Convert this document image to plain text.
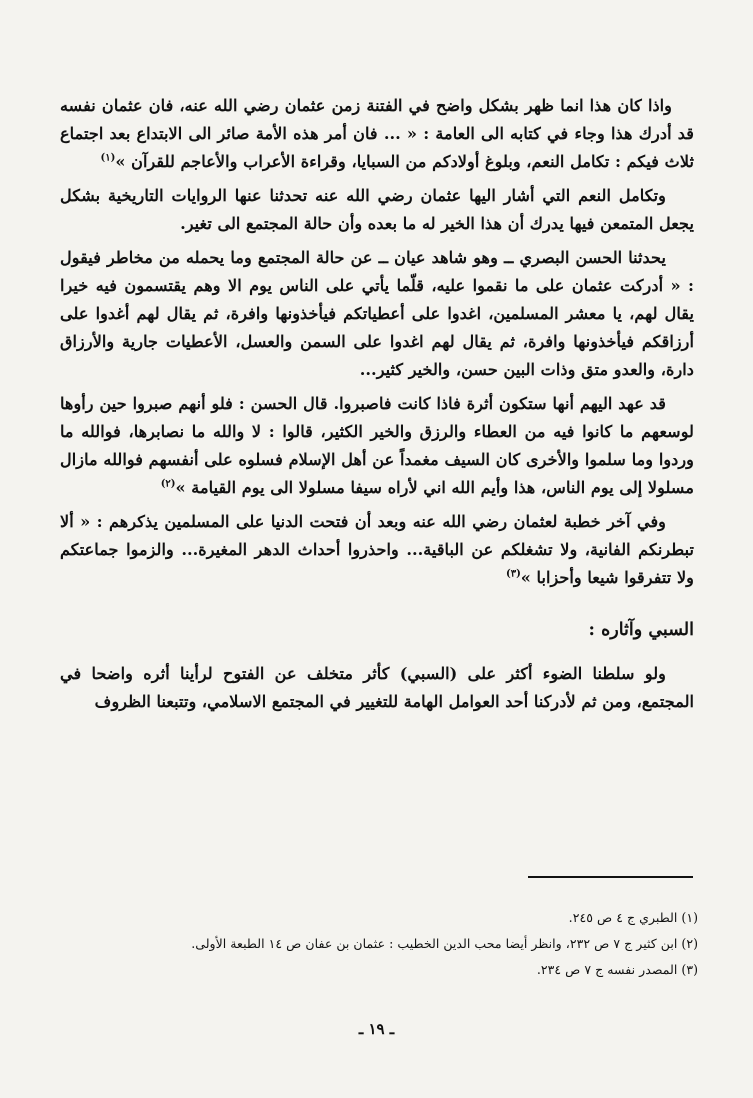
واذا كان هذا انما ظهر بشكل واضح في الفتنة زمن عثمان رضي الله عنه، فان عثمان نفسه قد أدرك هذا وجاء في كتابه الى العامة : « ... فان أمر هذه الأمة صائر الى الابتداع بعد اجتماع ثلاث فيكم : تكامل النعم، وبلوغ أولادكم من السبايا، وقراءة الأعراب والأعاجم للقرآن »$^{(١)}$

وتكامل النعم التي أشار اليها عثمان رضي الله عنه تحدثنا عنها الروايات التاريخية بشكل يجعل المتمعن فيها يدرك أن هذا الخير له ما بعده وأن حالة المجتمع الى تغير.

يحدثنا الحسن البصري ــ وهو شاهد عيان ــ عن حالة المجتمع وما يحمله من مخاطر فيقول : « أدركت عثمان على ما نقموا عليه، قلّما يأتي على الناس يوم الا وهم يقتسمون فيه خيرا يقال لهم، يا معشر المسلمين، اغدوا على أعطياتكم فيأخذونها وافرة، ثم يقال لهم أغدوا على أرزاقكم فيأخذونها وافرة، ثم يقال لهم اغدوا على السمن والعسل، الأعطيات جارية والأرزاق دارة، والعدو متق وذات البين حسن، والخير كثير...

قد عهد اليهم أنها ستكون أثرة فاذا كانت فاصبروا. قال الحسن : فلو أنهم صبروا حين رأوها لوسعهم ما كانوا فيه من العطاء والرزق والخير الكثير، قالوا : لا والله ما نصابرها، فوالله ما وردوا وما سلموا والأخرى كان السيف مغمداً عن أهل الإسلام فسلوه على أنفسهم فوالله مازال مسلولا إلى يوم الناس، هذا وأيم الله اني لأراه سيفا مسلولا الى يوم القيامة »$^{(٢)}$

وفي آخر خطبة لعثمان رضي الله عنه وبعد أن فتحت الدنيا على المسلمين يذكرهم : « ألا تبطرنكم الفانية، ولا تشغلكم عن الباقية... واحذروا أحداث الدهر المغيرة... والزموا جماعتكم ولا تتفرقوا شيعا وأحزابا »$^{(٣)}$

السبي وآثاره :

ولو سلطنا الضوء أكثر على (السبي) كأثر متخلف عن الفتوح لرأينا أثره واضحا في المجتمع، ومن ثم لأدركنا أحد العوامل الهامة للتغيير في المجتمع الاسلامي، وتتبعنا الظروف

(١) الطبري ج ٤ ص ٢٤٥.
(٢) ابن كثير ج ٧ ص ٢٣٢، وانظر أيضا محب الدين الخطيب : عثمان بن عفان ص ١٤ الطبعة الأولى.
(٣) المصدر نفسه ج ٧ ص ٢٣٤.
ـ ١٩ ـ
